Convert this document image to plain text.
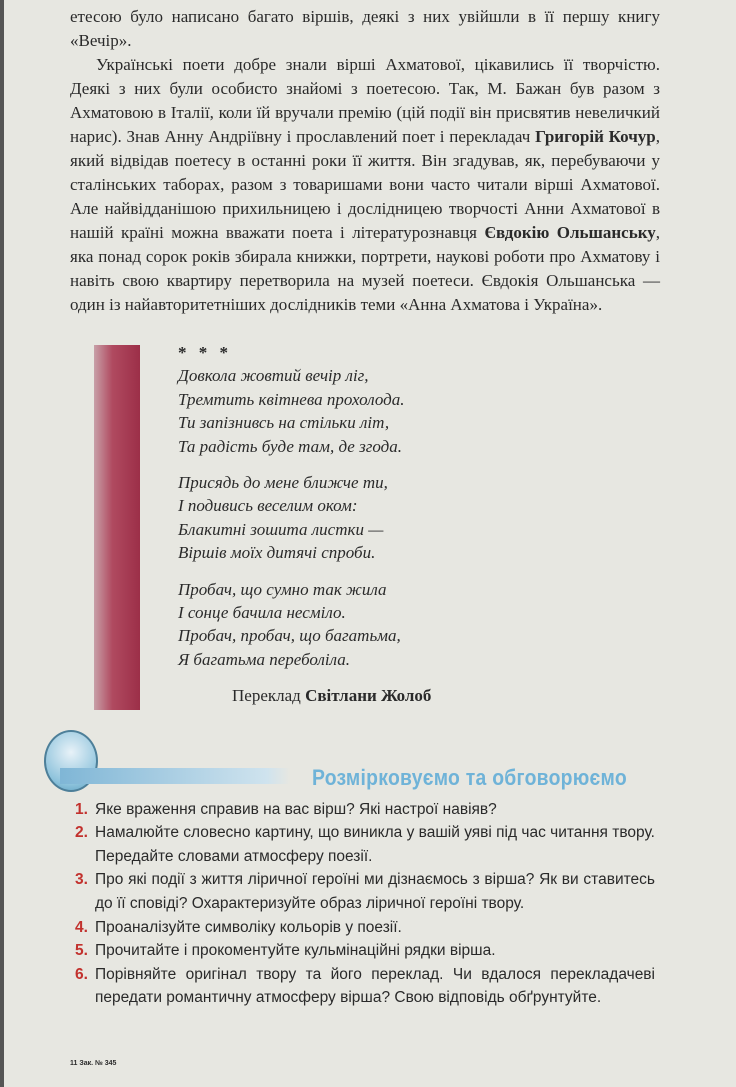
етесою було написано багато віршів, деякі з них увійшли в її першу книгу «Вечір».

Українські поети добре знали вірші Ахматової, цікавились її творчістю. Деякі з них були особисто знайомі з поетесою. Так, М. Бажан був разом з Ахматовою в Італії, коли їй вручали премію (цій події він присвятив невеличкий нарис). Знав Анну Андріївну і прославлений поет і перекладач Григорій Кочур, який відвідав поетесу в останні роки її життя. Він згадував, як, перебуваючи у сталінських таборах, разом з товаришами вони часто читали вірші Ахматової. Але найвідданішою прихильницею і дослідницею творчості Анни Ахматової в нашій країні можна вважати поета і літературознавця Євдокію Ольшанську, яка понад сорок років збирала книжки, портрети, наукові роботи про Ахматову і навіть свою квартиру перетворила на музей поетеси. Євдокія Ольшанська — один із найавторитетніших дослідників теми «Анна Ахматова і Україна».

* * *
Довкола жовтий вечір ліг,
Тремтить квітнева прохолода.
Ти запізнивсь на стільки літ,
Та радість буде там, де згода.
Присядь до мене ближче ти,
І подивись веселим оком:
Блакитні зошита листки —
Віршів моїх дитячі спроби.
Пробач, що сумно так жила
І сонце бачила несміло.
Пробач, пробач, що багатьма,
Я багатьма переболіла.
Переклад Світлани Жолоб
Розмірковуємо та обговорюємо
1. Яке враження справив на вас вірш? Які настрої навіяв?
2. Намалюйте словесно картину, що виникла у вашій уяві під час читання твору. Передайте словами атмосферу поезії.
3. Про які події з життя ліричної героїні ми дізнаємось з вірша? Як ви ставитесь до її сповіді? Охарактеризуйте образ ліричної героїні твору.
4. Проаналізуйте символіку кольорів у поезії.
5. Прочитайте і прокоментуйте кульмінаційні рядки вірша.
6. Порівняйте оригінал твору та його переклад. Чи вдалося перекладачеві передати романтичну атмосферу вірша? Свою відповідь обґрунтуйте.
11 Зак. № 345
